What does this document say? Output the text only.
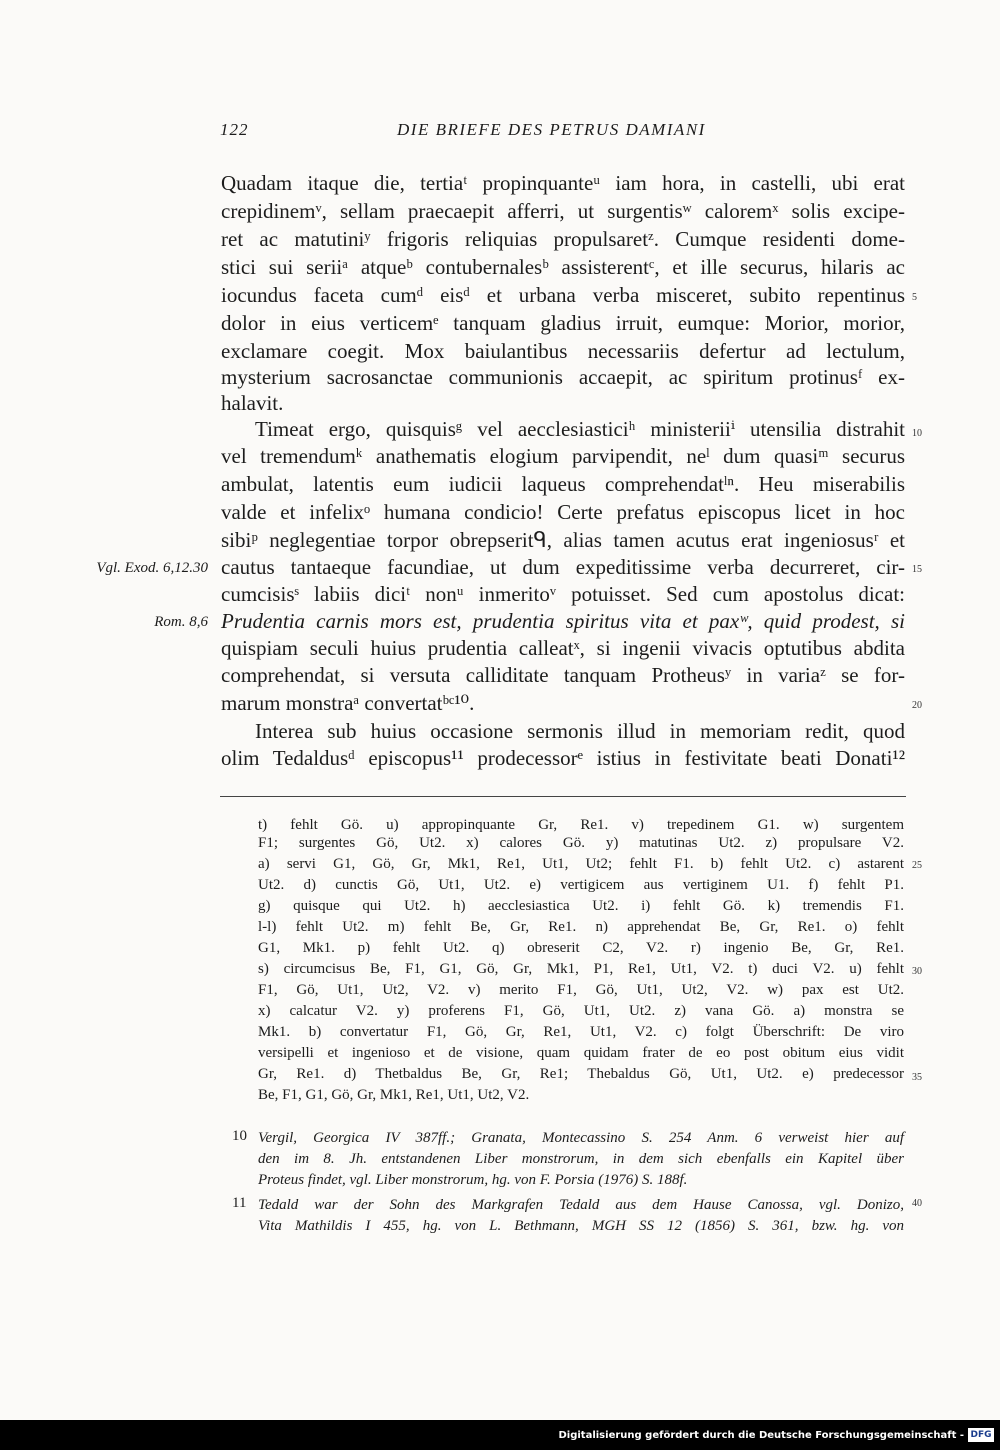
122	DIE BRIEFE DES PETRUS DAMIANI
Quadam itaque die, tertiaᵗ propinquanteᵘ iam hora, in castelli, ubi erat
crepidinemᵛ, sellam praecaepit afferri, ut surgentisʷ caloremˣ solis excipe-
ret ac matutiniʸ frigoris reliquias propulsaretᶻ. Cumque residenti dome-
stici sui seriiᵃ atqueᵇ contubernalesᵇ assisterentᶜ, et ille securus, hilaris ac
iocundus faceta cumᵈ eisᵈ et urbana verba misceret, subito repentinus
dolor in eius verticemᵉ tanquam gladius irruit, eumque: Morior, morior,
exclamare coegit. Mox baiulantibus necessariis defertur ad lectulum,
mysterium sacrosanctae communionis accaepit, ac spiritum protinusᶠ ex-
halavit.
Timeat ergo, quisquisᵍ vel aecclesiasticiʰ ministeriiⁱ utensilia distrahit
vel tremendumᵏ anathematis elogium parvipendit, neˡ dum quasiᵐ securus
ambulat, latentis eum iudicii laqueus comprehendatˡⁿ. Heu miserabilis
valde et infelixᵒ humana condicio! Certe prefatus episcopus licet in hoc
sibiᵖ neglegentiae torpor obrepseritᑫ, alias tamen acutus erat ingeniosusʳ et
cautus tantaeque facundiae, ut dum expeditissime verba decurreret, cir-
cumcisisˢ labiis diciᵗ nonᵘ inmeritoᵛ potuisset. Sed cum apostolus dicat:
Prudentia carnis mors est, prudentia spiritus vita et paxʷ, quid prodest, si
quispiam seculi huius prudentia calleatˣ, si ingenii vivacis optutibus abdita
comprehendat, si versuta calliditate tanquam Protheusʸ in variaᶻ se for-
marum monstraᵃ convertatᵇᶜ¹⁰.
Interea sub huius occasione sermonis illud in memoriam redit, quod
olim Tedaldusᵈ episcopus¹¹ prodecessorᵉ istius in festivitate beati Donati¹²
Vgl. Exod. 6,12.30
Rom. 8,6
5
10
15
20
25
30
35
40
t) fehlt Gö. u) appropinquante Gr, Re1. v) trepedinem G1. w) surgentem
F1; surgentes Gö, Ut2. x) calores Gö. y) matutinas Ut2. z) propulsare V2.
a) servi G1, Gö, Gr, Mk1, Re1, Ut1, Ut2; fehlt F1. b) fehlt Ut2. c) astarent
Ut2. d) cunctis Gö, Ut1, Ut2. e) vertigicem aus vertiginem U1. f) fehlt P1.
g) quisque qui Ut2. h) aecclesiastica Ut2. i) fehlt Gö. k) tremendis F1.
l-l) fehlt Ut2. m) fehlt Be, Gr, Re1. n) apprehendat Be, Gr, Re1. o) fehlt
G1, Mk1. p) fehlt Ut2. q) obreserit C2, V2. r) ingenio Be, Gr, Re1.
s) circumcisus Be, F1, G1, Gö, Gr, Mk1, P1, Re1, Ut1, V2. t) duci V2. u) fehlt
F1, Gö, Ut1, Ut2, V2. v) merito F1, Gö, Ut1, Ut2, V2. w) pax est Ut2.
x) calcatur V2. y) proferens F1, Gö, Ut1, Ut2. z) vana Gö. a) monstra se
Mk1. b) convertatur F1, Gö, Gr, Re1, Ut1, V2. c) folgt Überschrift: De viro
versipelli et ingenioso et de visione, quam quidam frater de eo post obitum eius vidit
Gr, Re1. d) Thetbaldus Be, Gr, Re1; Thebaldus Gö, Ut1, Ut2. e) predecessor
Be, F1, G1, Gö, Gr, Mk1, Re1, Ut1, Ut2, V2.
10 Vergil, Georgica IV 387ff.; Granata, Montecassino S. 254 Anm. 6 verweist hier auf
den im 8. Jh. entstandenen Liber monstrorum, in dem sich ebenfalls ein Kapitel über
Proteus findet, vgl. Liber monstrorum, hg. von F. Porsia (1976) S. 188f.
11 Tedald war der Sohn des Markgrafen Tedald aus dem Hause Canossa, vgl. Donizo,
Vita Mathildis I 455, hg. von L. Bethmann, MGH SS 12 (1856) S. 361, bzw. hg. von
Digitalisierung gefördert durch die Deutsche Forschungsgemeinschaft - DFG
